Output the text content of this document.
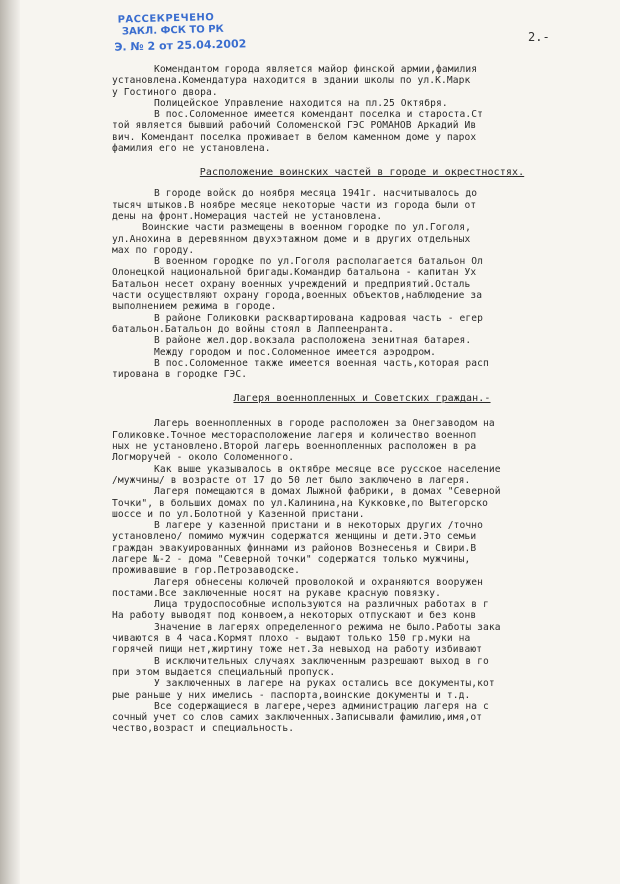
РАССЕКРЕЧЕНО
ЗАКЛ. ФСК ТО РК
Э. № 2 от 25.04.2002
2.-
Комендантом города является майор финской армии,фамилия
установлена.Комендатура находится в здании школы по ул.К.Марк
у Гостиного двора.
Полицейское Управление находится на пл.25 Октября.
В пос.Соломенное имеется комендант поселка и староста.Ст
той является бывший рабочий Соломенской ГЭС РОМАНОВ Аркадий Ив
вич. Комендант поселка проживает в белом каменном доме у парох
фамилия его не установлена.
Расположение воинских частей в городе и окрестностях.
В городе войск до ноября месяца 1941г. насчитывалось до
тысяч штыков.В ноябре месяце некоторые части из города были от
дены на фронт.Номерация частей не установлена.
Воинские части размещены в военном городке по ул.Гоголя,
ул.Анохина в деревянном двухэтажном доме и в других отдельных
мах по городу.
В военном городке по ул.Гоголя располагается батальон Ол
Олонецкой национальной бригады.Командир батальона - капитан Ух
Батальон несет охрану военных учреждений и предприятий.Осталь
части осуществляют охрану города,военных объектов,наблюдение за
выполнением режима в городе.
В районе Голиковки расквартирована кадровая часть - егер
батальон.Батальон до войны стоял в Лаппеенранта.
В районе жел.дор.вокзала расположена зенитная батарея.
Между городом и пос.Соломенное имеется аэродром.
В пос.Соломенное также имеется военная часть,которая расп
тирована в городке ГЭС.
Лагеря военнопленных и Советских граждан.-
Лагерь военнопленных в городе расположен за Онегзаводом на
Голиковке.Точное месторасположение лагеря и количество военноп
ных не установлено.Второй лагерь военнопленных расположен в ра
Логморучей - около Соломенного.
Как выше указывалось в октябре месяце все русское население
/мужчины/ в возрасте от 17 до 50 лет было заключено в лагеря.
Лагеря помещаются в домах Лыжной фабрики, в домах "Северной
Точки", в больших домах по ул.Калинина,на Кукковке,по Вытегорско
шоссе и по ул.Болотной у Казенной пристани.
В лагере у казенной пристани и в некоторых других /точно
установлено/ помимо мужчин содержатся женщины и дети.Это семьи
граждан эвакуированных финнами из районов Вознесенья и Свири.В
лагере №-2 - дома "Северной точки" содержатся только мужчины,
проживавшие в гор.Петрозаводске.
Лагеря обнесены колючей проволокой и охраняются вооружен
постами.Все заключенные носят на рукаве красную повязку.
Лица трудоспособные используются на различных работах в г
На работу выводят под конвоем,а некоторых отпускают и без конв
Значение в лагерях определенного режима не было.Работы зака
чиваются в 4 часа.Кормят плохо - выдают только 150 гр.муки на
горячей пищи нет,жиртину тоже нет.За невыход на работу избивают
В исключительных случаях заключенным разрешают выход в го
при этом выдается специальный пропуск.
У заключенных в лагере на руках остались все документы,кот
рые раньше у них имелись - паспорта,воинские документы и т.д.
Все содержащиеся в лагере,через администрацию лагеря на с
сочный учет со слов самих заключенных.Записывали фамилию,имя,от
чество,возраст и специальность.
